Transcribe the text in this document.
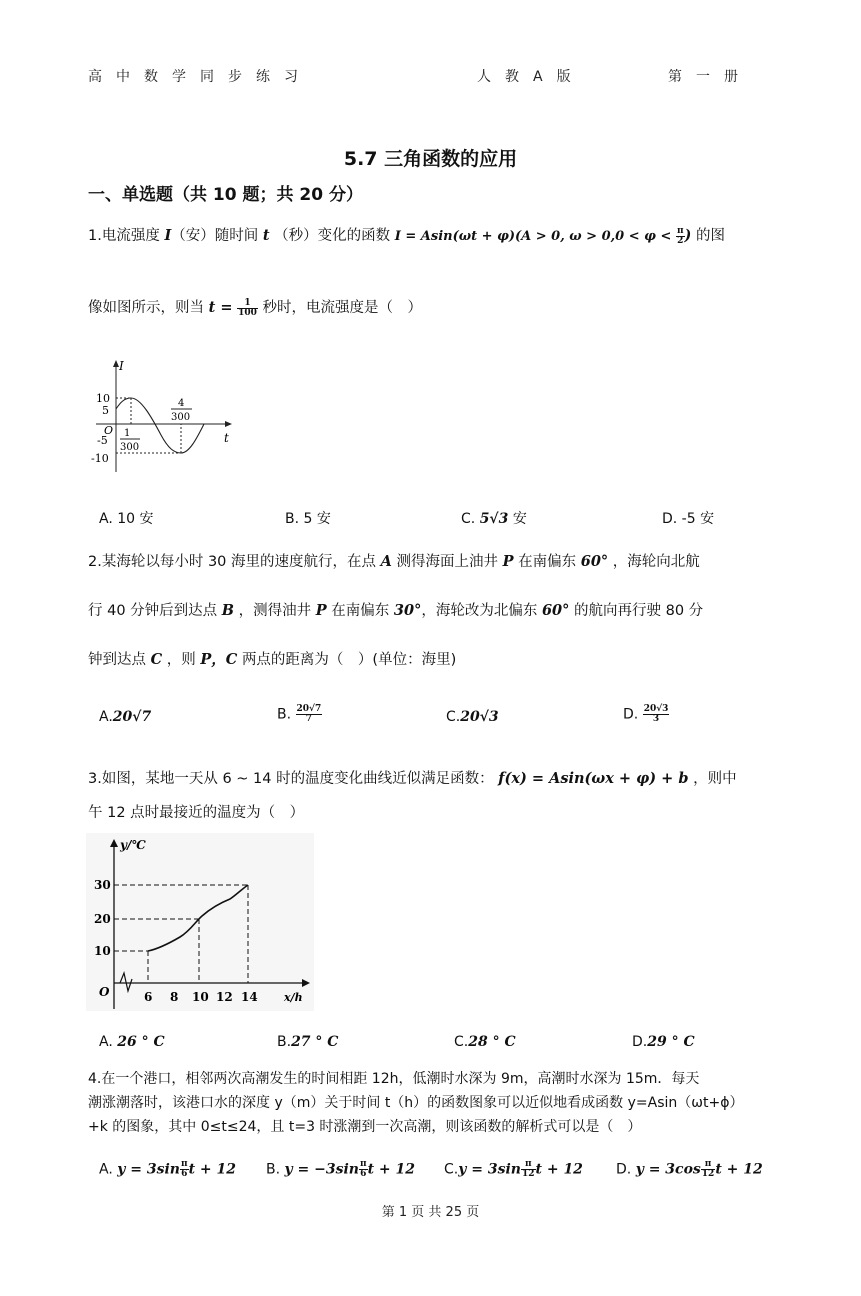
高　中　数　学　同　步　练　习	人　教　A　版	第　一　册
5.7 三角函数的应用
一、单选题（共 10 题；共 20 分）
1.电流强度 I（安）随时间 t （秒）变化的函数 I = Asin(ωt + φ)(A > 0, $\omega > 0,0 < \varphi < \frac{\pi}{2}$ ) 的图
像如图所示，则当 $t = \frac{1}{100}$ 秒时，电流强度是（　）
I
t
O
10
5
-5
-10
1
300
4
300
A. 10 安	B. 5 安	C. 5√3 安	D. -5 安
2.某海轮以每小时 30 海里的速度航行，在点 A 测得海面上油井 P 在南偏东 60° ，海轮向北航
行 40 分钟后到达点 B ，测得油井 P 在南偏东 30°，海轮改为北偏东 60° 的航向再行驶 80 分
钟到达点 C ，则 P，C 两点的距离为（　）(单位：海里)
A.20√7	B. $\frac{20√7}{7}$	C.20√3	D. $\frac{20√3}{3}$
3.如图，某地一天从 6 ~ 14 时的温度变化曲线近似满足函数： f(x) = Asin(ωx + φ) + b ，则中
午 12 点时最接近的温度为（　）
y/℃
x/h
O
30
20
10
6 8 10 12 14
A. 26 ° C	B.27 ° C	C.28 ° C	D.29 ° C
4.在一个港口，相邻两次高潮发生的时间相距 12h，低潮时水深为 9m，高潮时水深为 15m．每天
潮涨潮落时，该港口水的深度 y（m）关于时间 t（h）的函数图象可以近似地看成函数 y=Asin（ωt+ϕ）
+k 的图象，其中 0≤t≤24，且 t=3 时涨潮到一次高潮，则该函数的解析式可以是（　）
A. $y = 3\sin \frac{\pi}{6}$ t + 12 B. $y = -3\sin \frac{\pi}{6}$ t + 12 $C.y = 3\sin \frac{\pi}{12}$ t + 12 D. $y = 3\cos \frac{\pi}{12}$ t + 12
第 1 页 共 25 页
